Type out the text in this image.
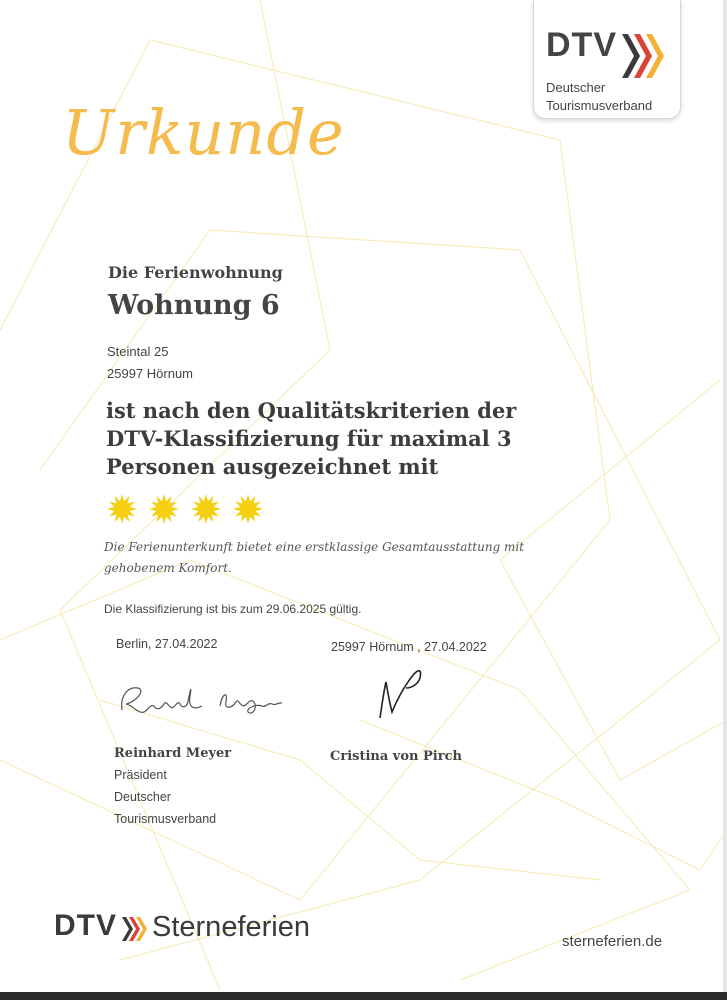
DTV
Deutscher
Tourismusverband
Urkunde
Die Ferienwohnung
Wohnung 6
Steintal 25
25997 Hörnum
ist nach den Qualitätskriterien der DTV-Klassifizierung für maximal 3 Personen ausgezeichnet mit
Die Ferienunterkunft bietet eine erstklassige Gesamtausstattung mit gehobenem Komfort.
Die Klassifizierung ist bis zum 29.06.2025 gültig.
Berlin, 27.04.2022	25997 Hörnum , 27.04.2022
Reinhard Meyer	Cristina von Pirch
Präsident
Deutscher
Tourismusverband
DTV Sterneferien	sterneferien.de
